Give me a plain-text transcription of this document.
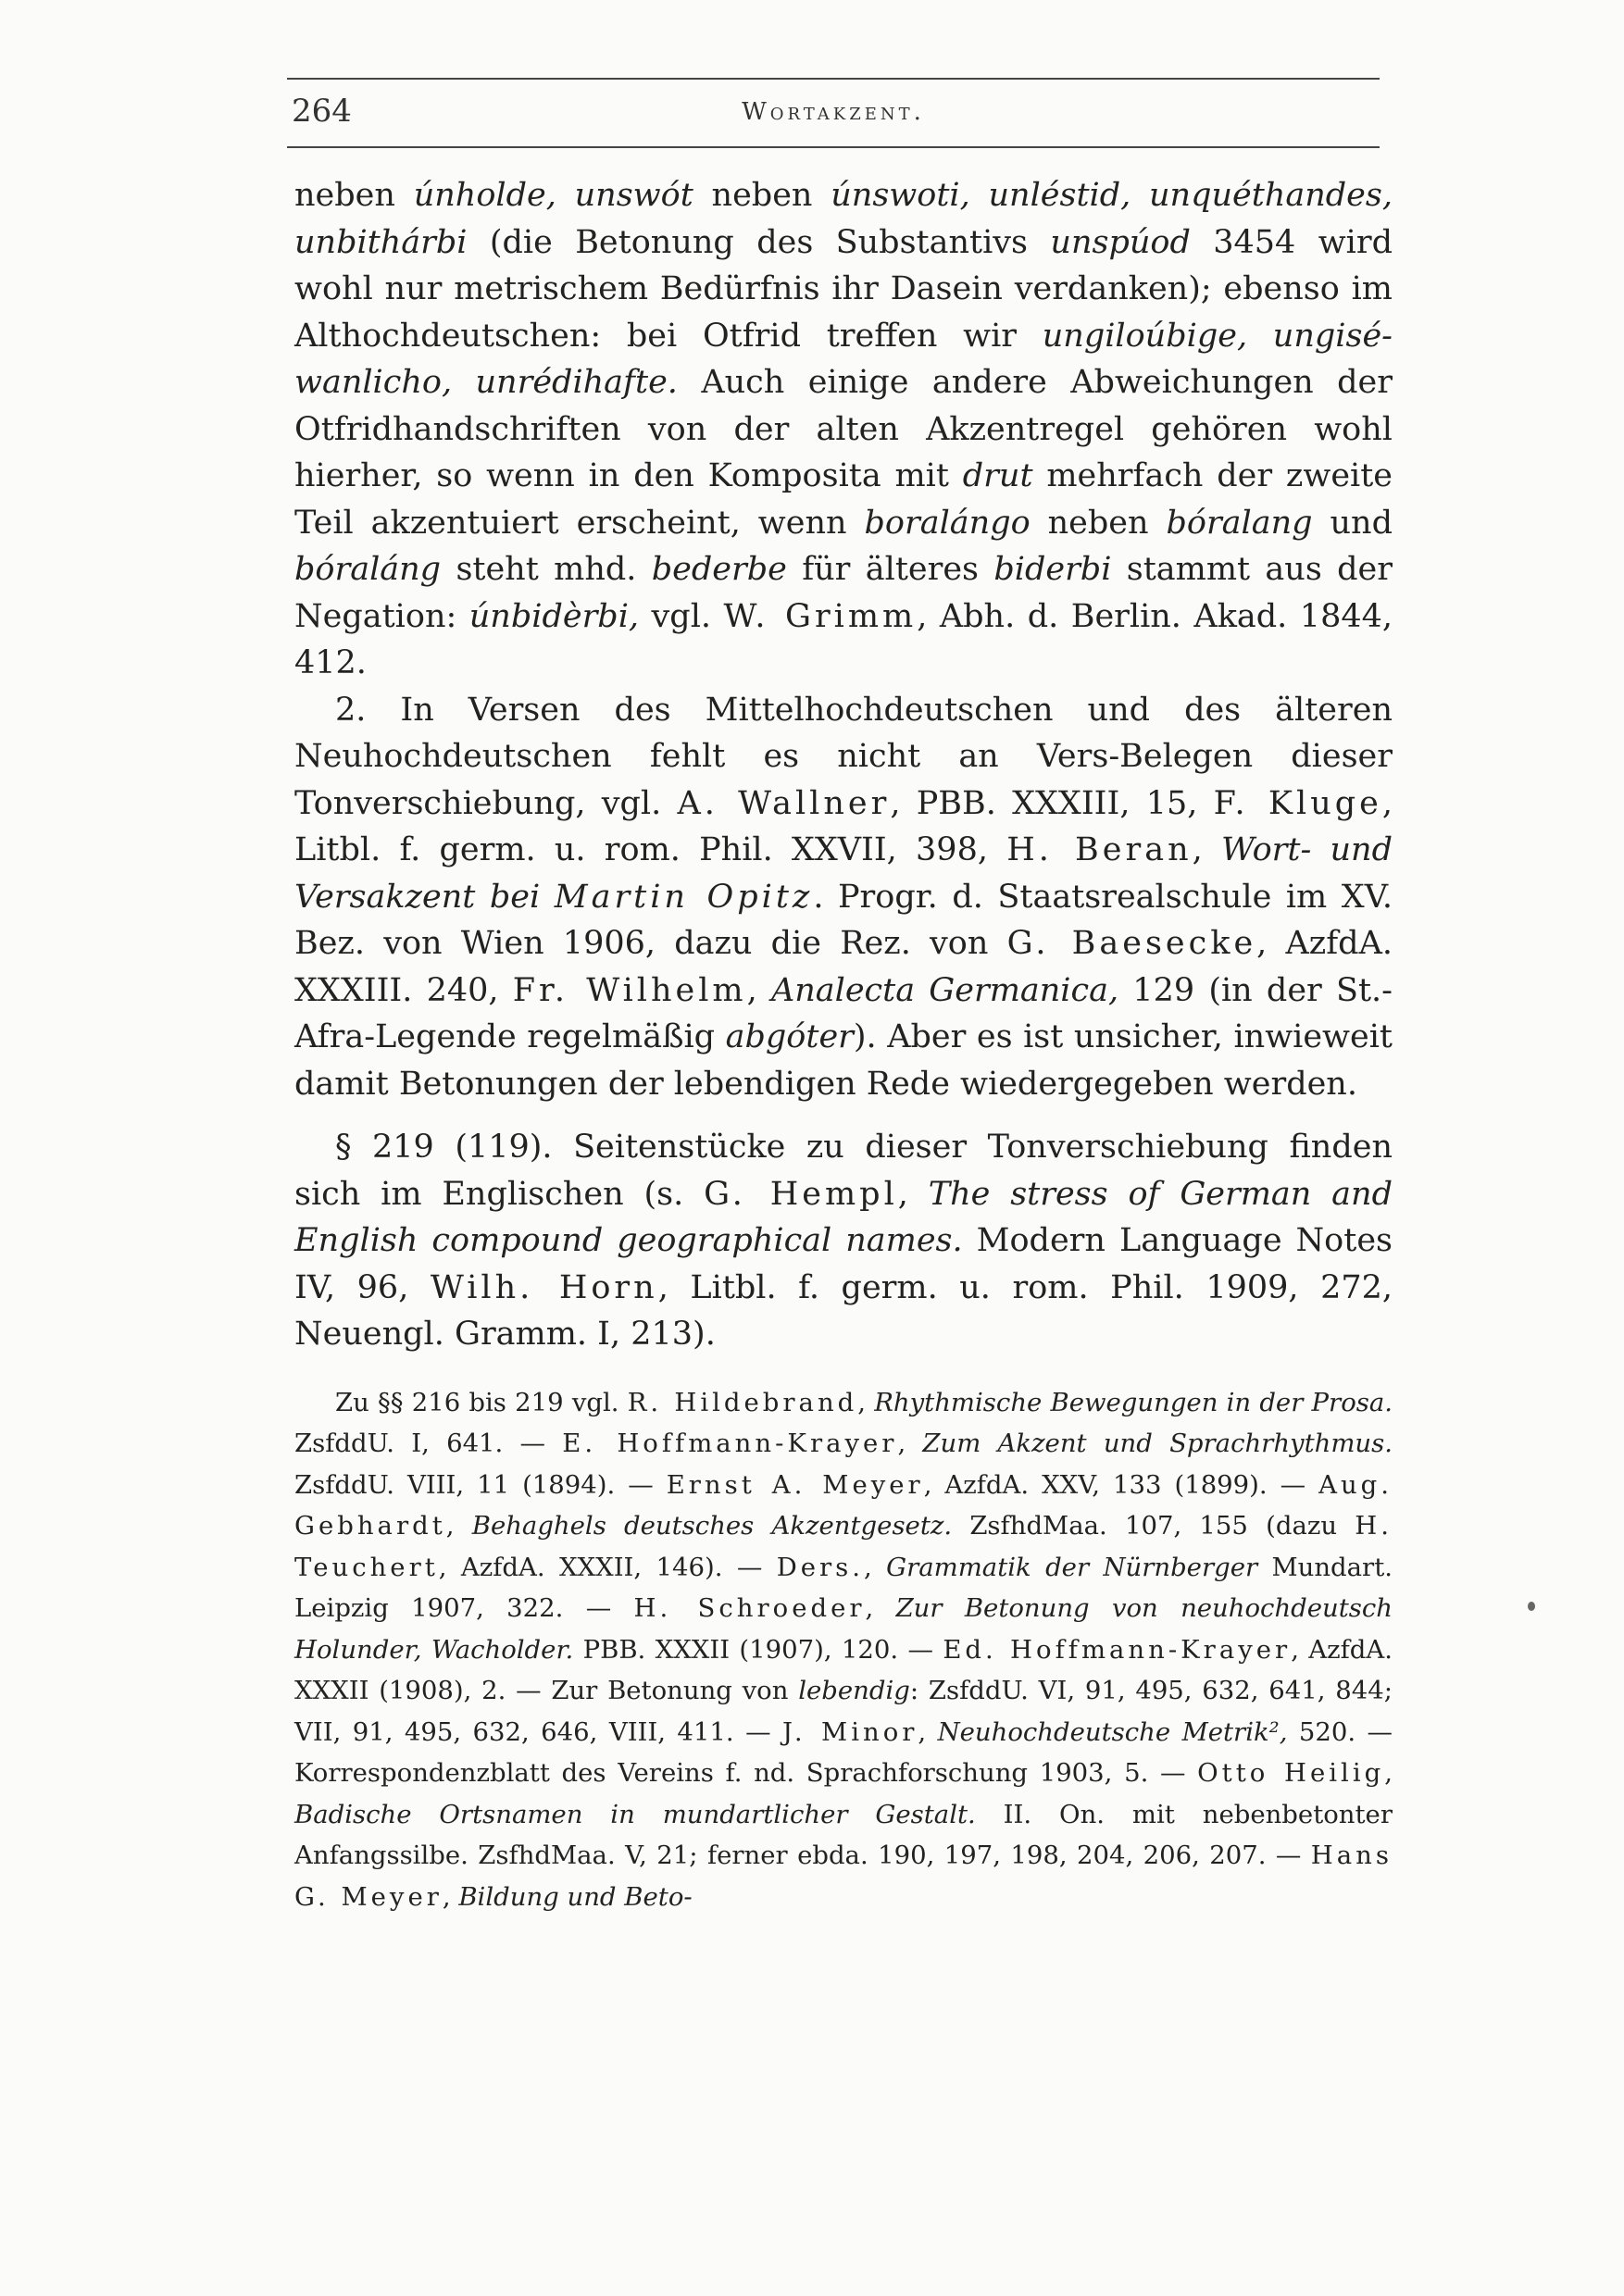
264	Wortakzent.

neben únholde, unswót neben únswoti, unléstid, unquéthandes, unbithárbi (die Betonung des Substantivs unspúod 3454 wird wohl nur metrischem Bedürfnis ihr Dasein verdanken); ebenso im Althochdeutschen: bei Otfrid treffen wir ungiloúbige, ungiséwanlicho, unrédihafte. Auch einige andere Abweichungen der Otfridhandschriften von der alten Akzentregel gehören wohl hierher, so wenn in den Komposita mit drut mehrfach der zweite Teil akzentuiert erscheint, wenn boralángo neben bóralang und bóraláng steht mhd. bederbe für älteres biderbi stammt aus der Negation: únbidèrbi, vgl. W. Grimm, Abh. d. Berlin. Akad. 1844, 412.

2. In Versen des Mittelhochdeutschen und des älteren Neuhochdeutschen fehlt es nicht an Vers-Belegen dieser Tonverschiebung, vgl. A. Wallner, PBB. XXXIII, 15, F. Kluge, Litbl. f. germ. u. rom. Phil. XXVII, 398, H. Beran, Wort- und Versakzent bei Martin Opitz. Progr. d. Staatsrealschule im XV. Bez. von Wien 1906, dazu die Rez. von G. Baesecke, AzfdA. XXXIII. 240, Fr. Wilhelm, Analecta Germanica, 129 (in der St.-Afra-Legende regelmäßig abgóter). Aber es ist unsicher, inwieweit damit Betonungen der lebendigen Rede wiedergegeben werden.

§ 219 (119). Seitenstücke zu dieser Tonverschiebung finden sich im Englischen (s. G. Hempl, The stress of German and English compound geographical names. Modern Language Notes IV, 96, Wilh. Horn, Litbl. f. germ. u. rom. Phil. 1909, 272, Neuengl. Gramm. I, 213).

Zu §§ 216 bis 219 vgl. R. Hildebrand, Rhythmische Bewegungen in der Prosa. ZsfddU. I, 641. — E. Hoffmann-Krayer, Zum Akzent und Sprachrhythmus. ZsfddU. VIII, 11 (1894). — Ernst A. Meyer, AzfdA. XXV, 133 (1899). — Aug. Gebhardt, Behaghels deutsches Akzentgesetz. ZsfhdMaa. 107, 155 (dazu H. Teuchert, AzfdA. XXXII, 146). — Ders., Grammatik der Nürnberger Mundart. Leipzig 1907, 322. — H. Schroeder, Zur Betonung von neuhochdeutsch Holunder, Wacholder. PBB. XXXII (1907), 120. — Ed. Hoffmann-Krayer, AzfdA. XXXII (1908), 2. — Zur Betonung von lebendig: ZsfddU. VI, 91, 495, 632, 641, 844; VII, 91, 495, 632, 646, VIII, 411. — J. Minor, Neuhochdeutsche Metrik², 520. — Korrespondenzblatt des Vereins f. nd. Sprachforschung 1903, 5. — Otto Heilig, Badische Ortsnamen in mundartlicher Gestalt. II. On. mit nebenbetonter Anfangssilbe. ZsfhdMaa. V, 21; ferner ebda. 190, 197, 198, 204, 206, 207. — Hans G. Meyer, Bildung und Beto-
